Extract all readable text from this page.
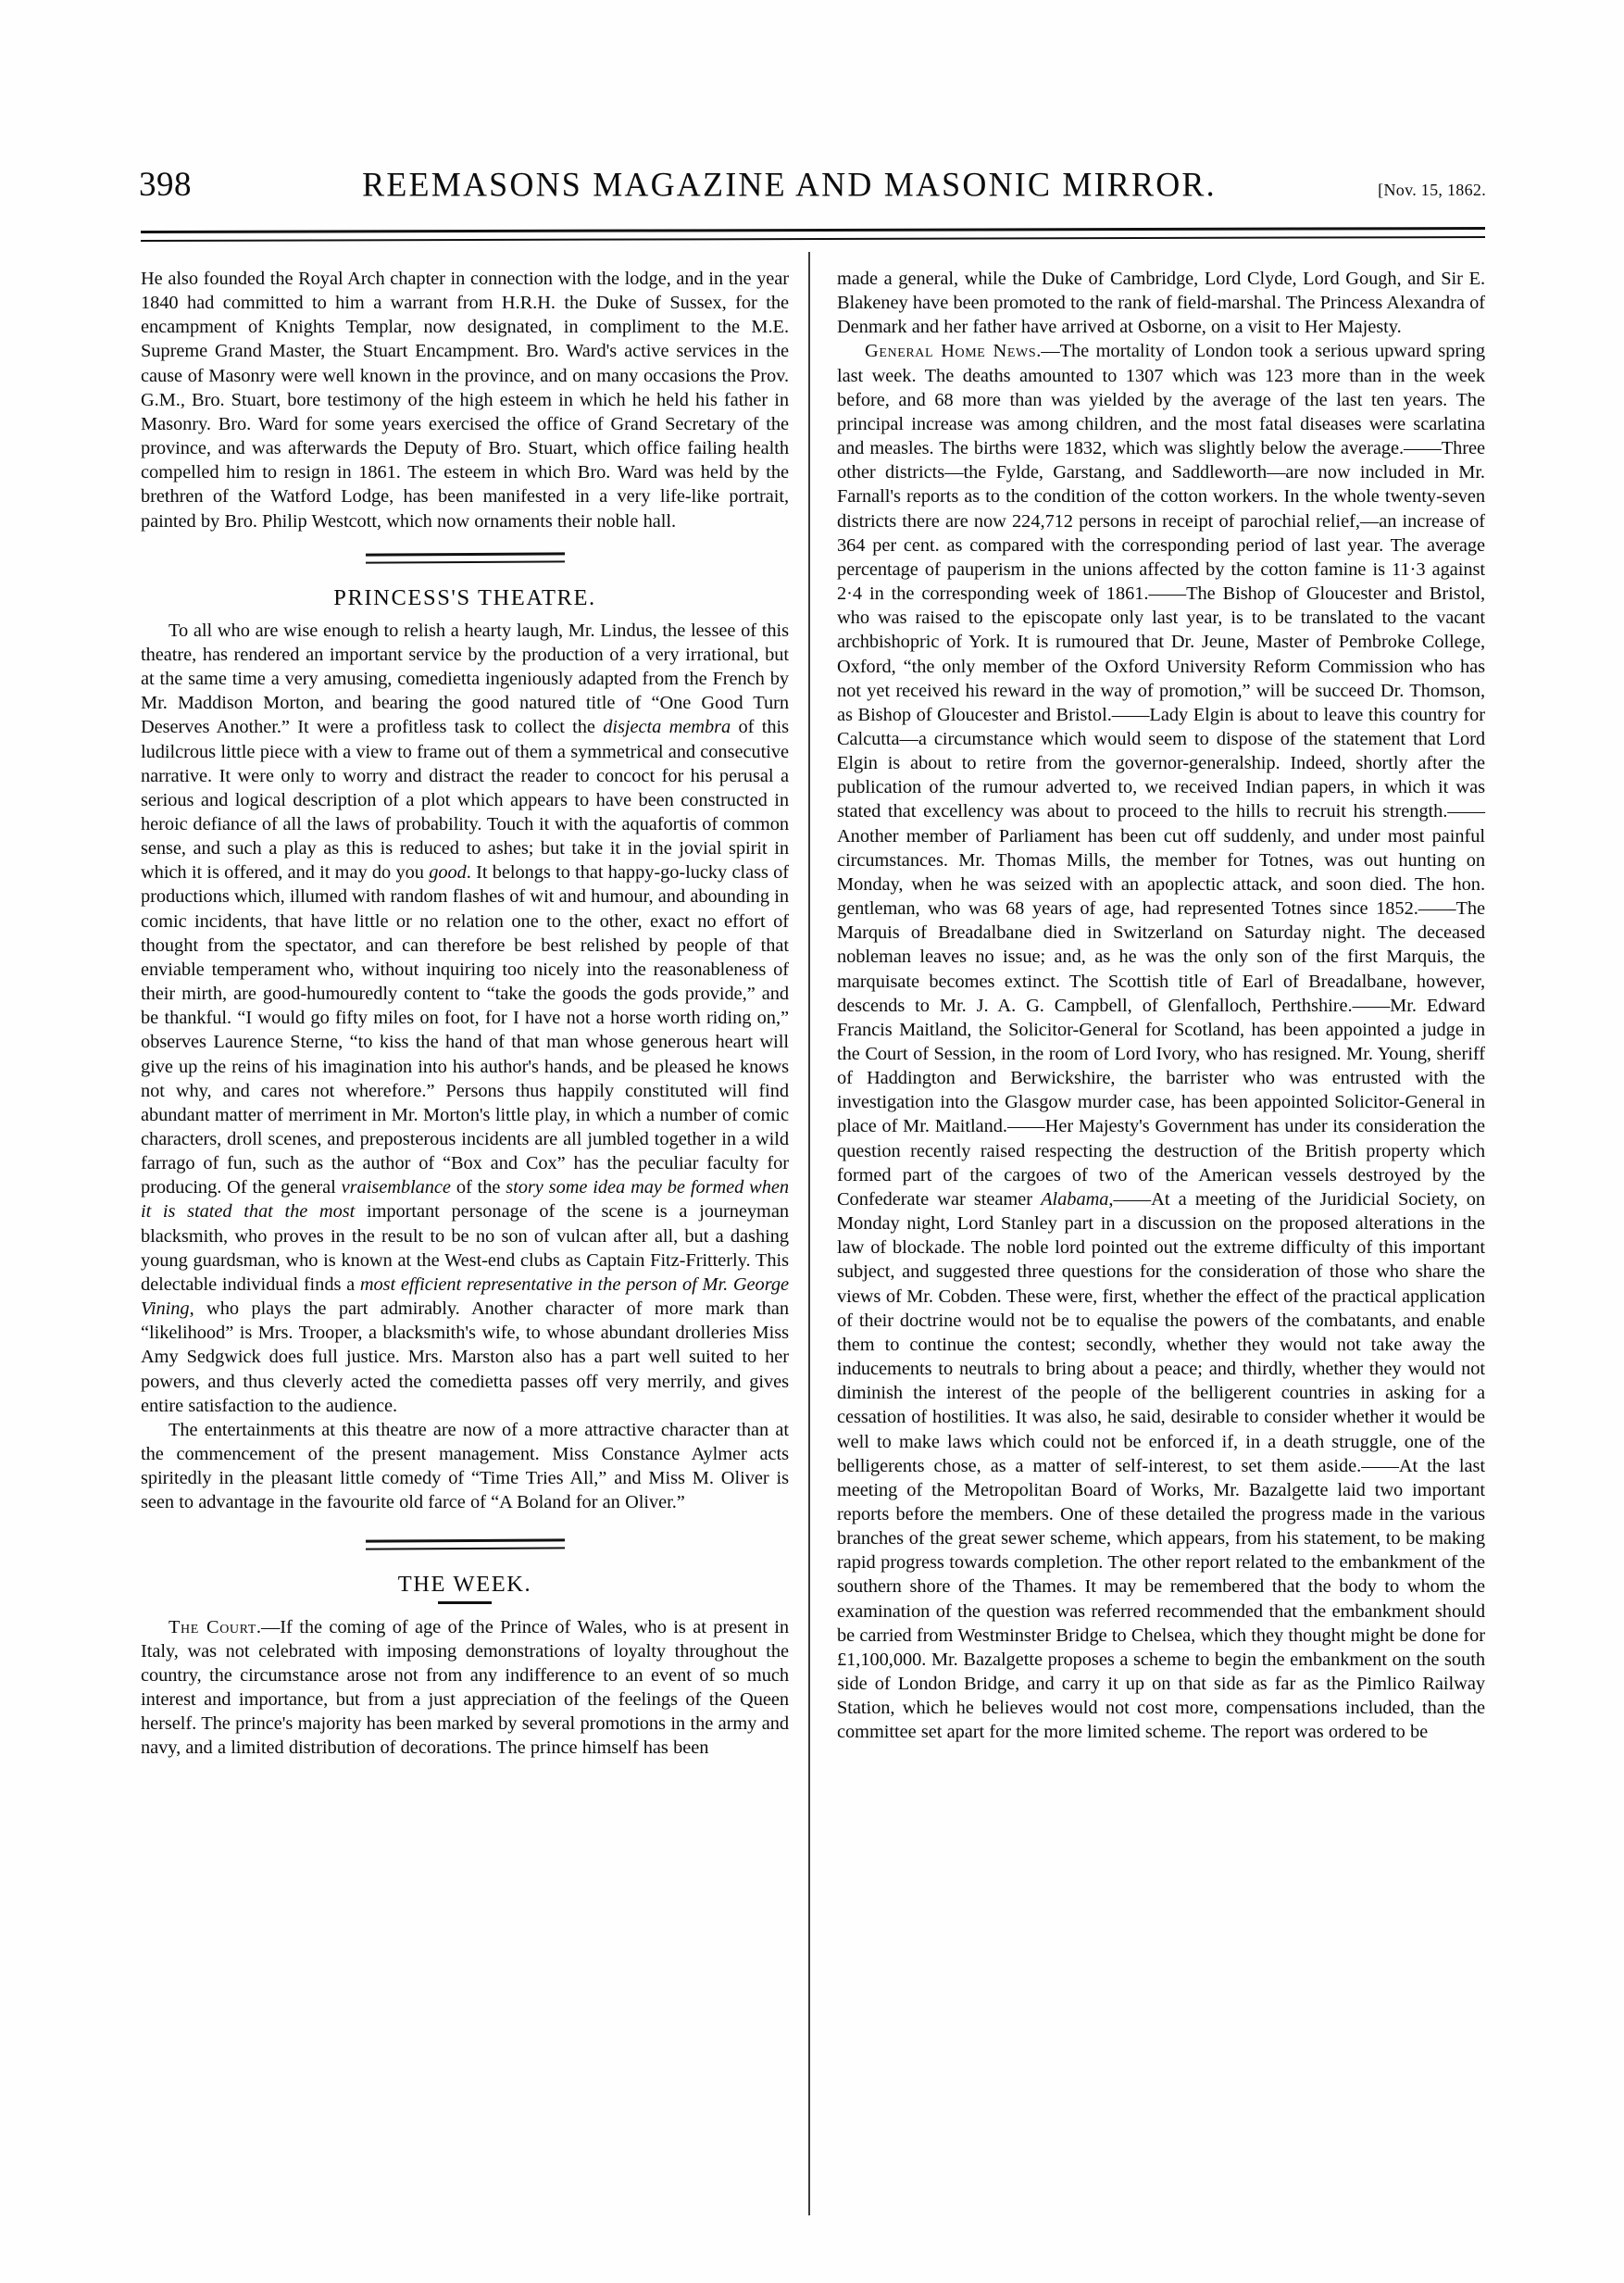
398	REEMASONS MAGAZINE AND MASONIC MIRROR.	[Nov. 15, 1862.

He also founded the Royal Arch chapter in connection with the lodge, and in the year 1840 had committed to him a warrant from H.R.H. the Duke of Sussex, for the encampment of Knights Templar, now designated, in compliment to the M.E. Supreme Grand Master, the Stuart Encampment. Bro. Ward's active services in the cause of Masonry were well known in the province, and on many occasions the Prov. G.M., Bro. Stuart, bore testimony of the high esteem in which he held his father in Masonry. Bro. Ward for some years exercised the office of Grand Secretary of the province, and was afterwards the Deputy of Bro. Stuart, which office failing health compelled him to resign in 1861. The esteem in which Bro. Ward was held by the brethren of the Watford Lodge, has been manifested in a very life-like portrait, painted by Bro. Philip Westcott, which now ornaments their noble hall.

PRINCESS'S THEATRE.

To all who are wise enough to relish a hearty laugh, Mr. Lindus, the lessee of this theatre, has rendered an important service by the production of a very irrational, but at the same time a very amusing, comedietta ingeniously adapted from the French by Mr. Maddison Morton, and bearing the good natured title of “One Good Turn Deserves Another.” It were a profitless task to collect the disjecta membra of this ludilcrous little piece with a view to frame out of them a symmetrical and consecutive narrative. It were only to worry and distract the reader to concoct for his perusal a serious and logical description of a plot which appears to have been constructed in heroic defiance of all the laws of probability. Touch it with the aquafortis of common sense, and such a play as this is reduced to ashes; but take it in the jovial spirit in which it is offered, and it may do you good. It belongs to that happy-go-lucky class of productions which, illumed with random flashes of wit and humour, and abounding in comic incidents, that have little or no relation one to the other, exact no effort of thought from the spectator, and can therefore be best relished by people of that enviable temperament who, without inquiring too nicely into the reasonableness of their mirth, are good-humouredly content to “take the goods the gods provide,” and be thankful. “I would go fifty miles on foot, for I have not a horse worth riding on,” observes Laurence Sterne, “to kiss the hand of that man whose generous heart will give up the reins of his imagination into his author's hands, and be pleased he knows not why, and cares not wherefore.” Persons thus happily constituted will find abundant matter of merriment in Mr. Morton's little play, in which a number of comic characters, droll scenes, and preposterous incidents are all jumbled together in a wild farrago of fun, such as the author of “Box and Cox” has the peculiar faculty for producing. Of the general vraisemblance of the story some idea may be formed when it is stated that the most important personage of the scene is a journeyman blacksmith, who proves in the result to be no son of vulcan after all, but a dashing young guardsman, who is known at the West-end clubs as Captain Fitz-Fritterly. This delectable individual finds a most efficient representative in the person of Mr. George Vining, who plays the part admirably. Another character of more mark than “likelihood” is Mrs. Trooper, a blacksmith's wife, to whose abundant drolleries Miss Amy Sedgwick does full justice. Mrs. Marston also has a part well suited to her powers, and thus cleverly acted the comedietta passes off very merrily, and gives entire satisfaction to the audience.

The entertainments at this theatre are now of a more attractive character than at the commencement of the present management. Miss Constance Aylmer acts spiritedly in the pleasant little comedy of “Time Tries All,” and Miss M. Oliver is seen to advantage in the favourite old farce of “A Boland for an Oliver.”

THE WEEK.

The Court.—If the coming of age of the Prince of Wales, who is at present in Italy, was not celebrated with imposing demonstrations of loyalty throughout the country, the circumstance arose not from any indifference to an event of so much interest and importance, but from a just appreciation of the feelings of the Queen herself. The prince's majority has been marked by several promotions in the army and navy, and a limited distribution of decorations. The prince himself has been

made a general, while the Duke of Cambridge, Lord Clyde, Lord Gough, and Sir E. Blakeney have been promoted to the rank of field-marshal. The Princess Alexandra of Denmark and her father have arrived at Osborne, on a visit to Her Majesty.

General Home News.—The mortality of London took a serious upward spring last week. The deaths amounted to 1307 which was 123 more than in the week before, and 68 more than was yielded by the average of the last ten years. The principal increase was among children, and the most fatal diseases were scarlatina and measles. The births were 1832, which was slightly below the average.——Three other districts—the Fylde, Garstang, and Saddleworth—are now included in Mr. Farnall's reports as to the condition of the cotton workers. In the whole twenty-seven districts there are now 224,712 persons in receipt of parochial relief,—an increase of 364 per cent. as compared with the corresponding period of last year. The average percentage of pauperism in the unions affected by the cotton famine is 11·3 against 2·4 in the corresponding week of 1861.——The Bishop of Gloucester and Bristol, who was raised to the episcopate only last year, is to be translated to the vacant archbishopric of York. It is rumoured that Dr. Jeune, Master of Pembroke College, Oxford, “the only member of the Oxford University Reform Commission who has not yet received his reward in the way of promotion,” will be succeed Dr. Thomson, as Bishop of Gloucester and Bristol.——Lady Elgin is about to leave this country for Calcutta—a circumstance which would seem to dispose of the statement that Lord Elgin is about to retire from the governor-generalship. Indeed, shortly after the publication of the rumour adverted to, we received Indian papers, in which it was stated that excellency was about to proceed to the hills to recruit his strength.——Another member of Parliament has been cut off suddenly, and under most painful circumstances. Mr. Thomas Mills, the member for Totnes, was out hunting on Monday, when he was seized with an apoplectic attack, and soon died. The hon. gentleman, who was 68 years of age, had represented Totnes since 1852.——The Marquis of Breadalbane died in Switzerland on Saturday night. The deceased nobleman leaves no issue; and, as he was the only son of the first Marquis, the marquisate becomes extinct. The Scottish title of Earl of Breadalbane, however, descends to Mr. J. A. G. Campbell, of Glenfalloch, Perthshire.——Mr. Edward Francis Maitland, the Solicitor-General for Scotland, has been appointed a judge in the Court of Session, in the room of Lord Ivory, who has resigned. Mr. Young, sheriff of Haddington and Berwickshire, the barrister who was entrusted with the investigation into the Glasgow murder case, has been appointed Solicitor-General in place of Mr. Maitland.——Her Majesty's Government has under its consideration the question recently raised respecting the destruction of the British property which formed part of the cargoes of two of the American vessels destroyed by the Confederate war steamer Alabama,——At a meeting of the Juridicial Society, on Monday night, Lord Stanley part in a discussion on the proposed alterations in the law of blockade. The noble lord pointed out the extreme difficulty of this important subject, and suggested three questions for the consideration of those who share the views of Mr. Cobden. These were, first, whether the effect of the practical application of their doctrine would not be to equalise the powers of the combatants, and enable them to continue the contest; secondly, whether they would not take away the inducements to neutrals to bring about a peace; and thirdly, whether they would not diminish the interest of the people of the belligerent countries in asking for a cessation of hostilities. It was also, he said, desirable to consider whether it would be well to make laws which could not be enforced if, in a death struggle, one of the belligerents chose, as a matter of self-interest, to set them aside.——At the last meeting of the Metropolitan Board of Works, Mr. Bazalgette laid two important reports before the members. One of these detailed the progress made in the various branches of the great sewer scheme, which appears, from his statement, to be making rapid progress towards completion. The other report related to the embankment of the southern shore of the Thames. It may be remembered that the body to whom the examination of the question was referred recommended that the embankment should be carried from Westminster Bridge to Chelsea, which they thought might be done for £1,100,000. Mr. Bazalgette proposes a scheme to begin the embankment on the south side of London Bridge, and carry it up on that side as far as the Pimlico Railway Station, which he believes would not cost more, compensations included, than the committee set apart for the more limited scheme. The report was ordered to be
